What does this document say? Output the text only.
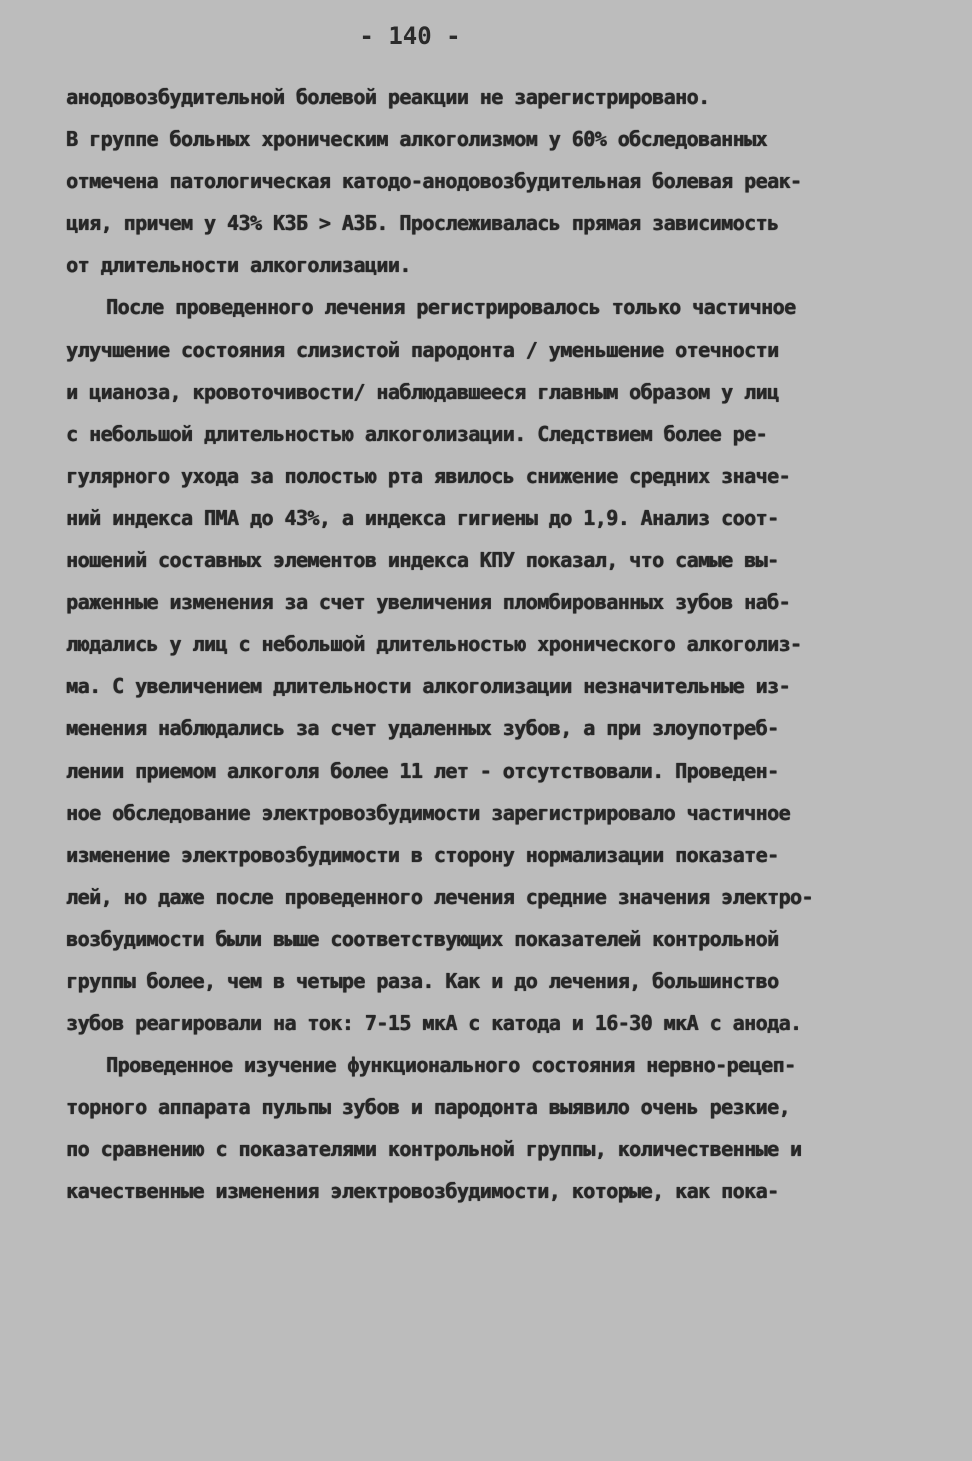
- 140 -
анодовозбудительной болевой реакции не зарегистрировано.
В группе больных хроническим алкоголизмом у 60% обследованных
отмечена патологическая катодо-анодовозбудительная болевая реак-
ция, причем у 43% КЗБ > АЗБ. Прослеживалась прямая зависимость
от длительности алкоголизации.
После проведенного лечения регистрировалось только частичное
улучшение состояния слизистой пародонта / уменьшение отечности
и цианоза, кровоточивости/ наблюдавшееся главным образом у лиц
с небольшой длительностью алкоголизации. Следствием более ре-
гулярного ухода за полостью рта явилось снижение средних значе-
ний индекса ПМА до 43%, а индекса гигиены до 1,9. Анализ соот-
ношений составных элементов индекса КПУ показал, что самые вы-
раженные изменения за счет увеличения пломбированных зубов наб-
людались у лиц с небольшой длительностью хронического алкоголиз-
ма. С увеличением длительности алкоголизации незначительные из-
менения наблюдались за счет удаленных зубов, а при злоупотреб-
лении приемом алкоголя более 11 лет - отсутствовали. Проведен-
ное обследование электровозбудимости зарегистрировало частичное
изменение электровозбудимости в сторону нормализации показате-
лей, но даже после проведенного лечения средние значения электро-
возбудимости были выше соответствующих показателей контрольной
группы более, чем в четыре раза. Как и до лечения, большинство
зубов реагировали на ток: 7-15 мкА с катода и 16-30 мкА с анода.
Проведенное изучение функционального состояния нервно-рецеп-
торного аппарата пульпы зубов и пародонта выявило очень резкие,
по сравнению с показателями контрольной группы, количественные и
качественные изменения электровозбудимости, которые, как пока-
